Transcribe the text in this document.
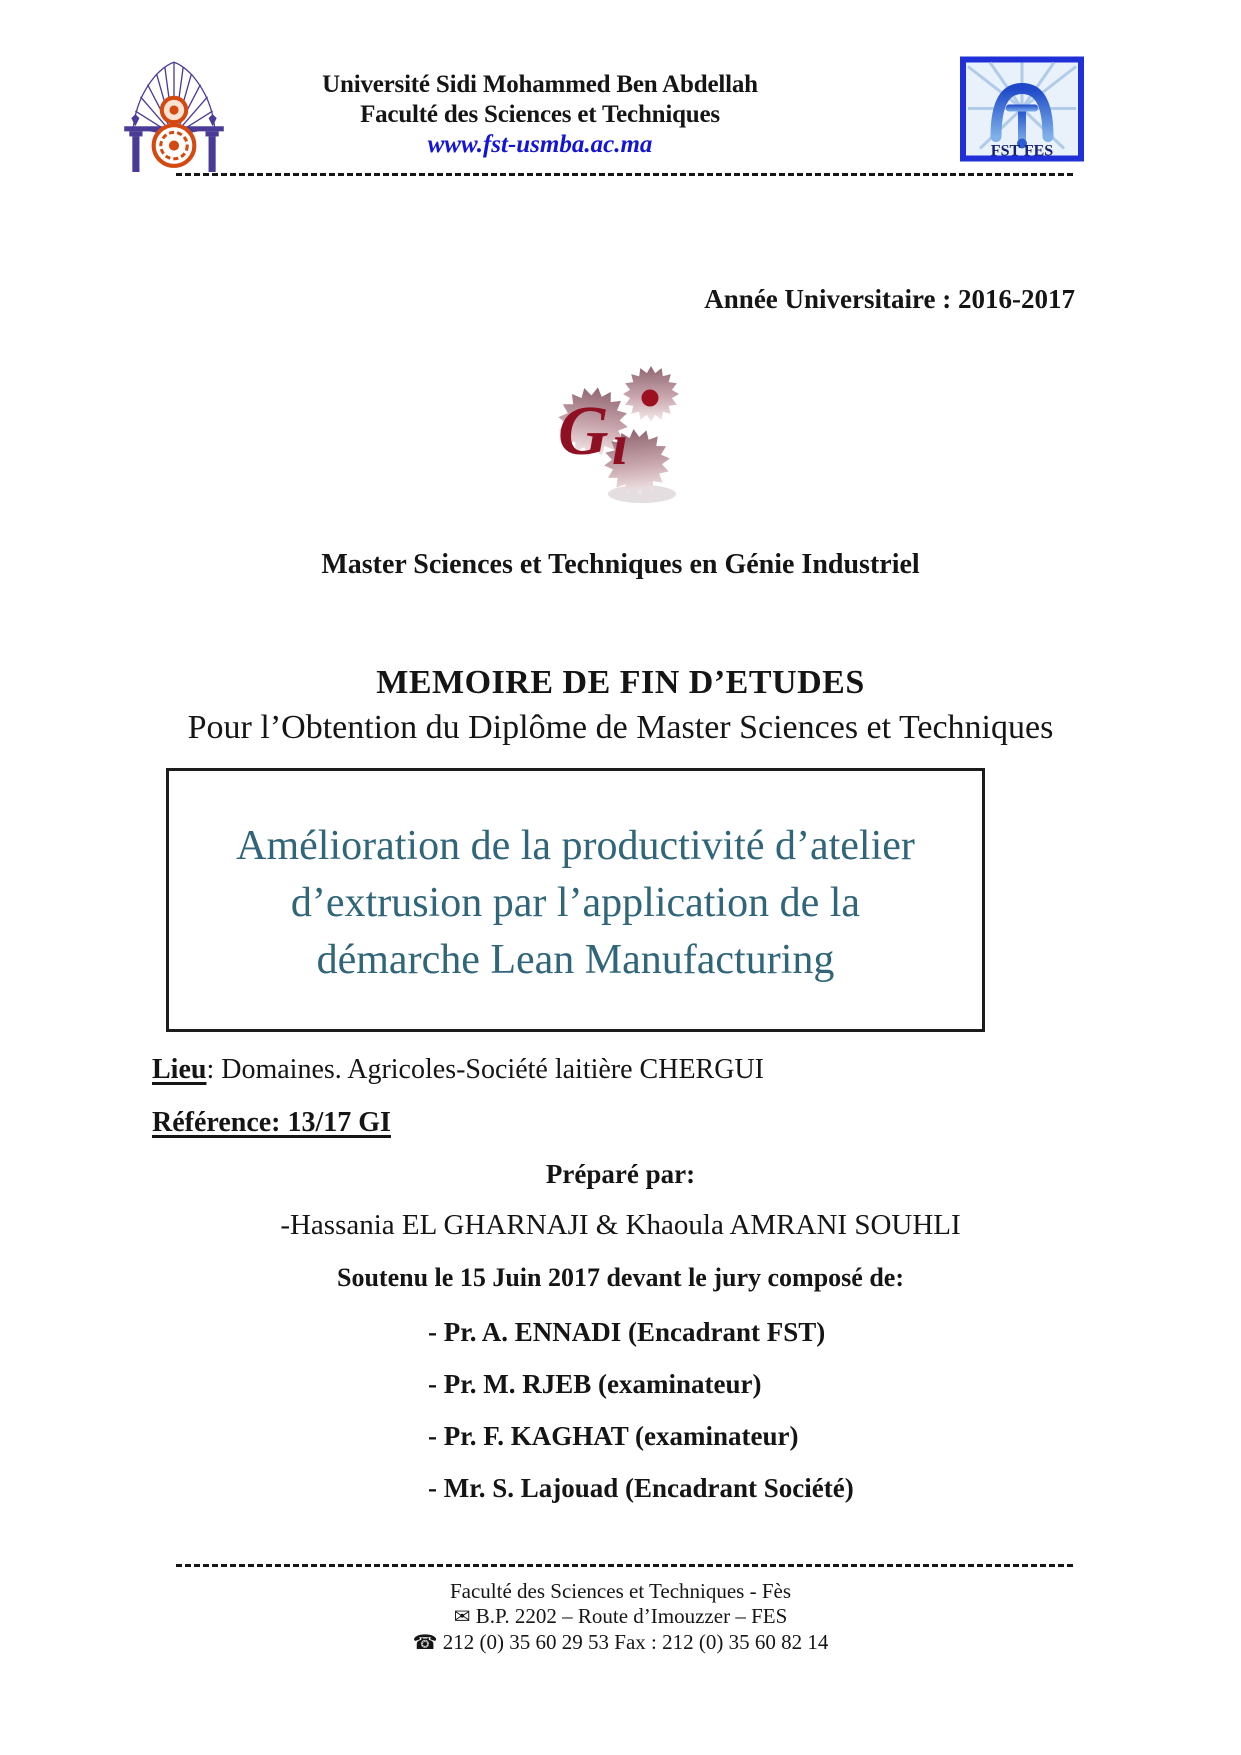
Université Sidi Mohammed Ben Abdellah
Faculté des Sciences et Techniques
www.fst-usmba.ac.ma	FST FES
Année Universitaire : 2016-2017
G ı
Master Sciences et Techniques en Génie Industriel
MEMOIRE DE FIN D’ETUDES
Pour l’Obtention du Diplôme de Master Sciences et Techniques
Amélioration de la productivité d’atelier
d’extrusion par l’application de la
démarche Lean Manufacturing
Lieu: Domaines. Agricoles-Société laitière CHERGUI
Référence: 13/17 GI
Préparé par:
-Hassania EL GHARNAJI & Khaoula AMRANI SOUHLI
Soutenu le 15 Juin 2017 devant le jury composé de:
- Pr. A. ENNADI (Encadrant FST)
- Pr. M. RJEB (examinateur)
- Pr. F. KAGHAT (examinateur)
- Mr. S. Lajouad (Encadrant Société)
Faculté des Sciences et Techniques - Fès
✉ B.P. 2202 – Route d’Imouzzer – FES
☎ 212 (0) 35 60 29 53 Fax : 212 (0) 35 60 82 14
